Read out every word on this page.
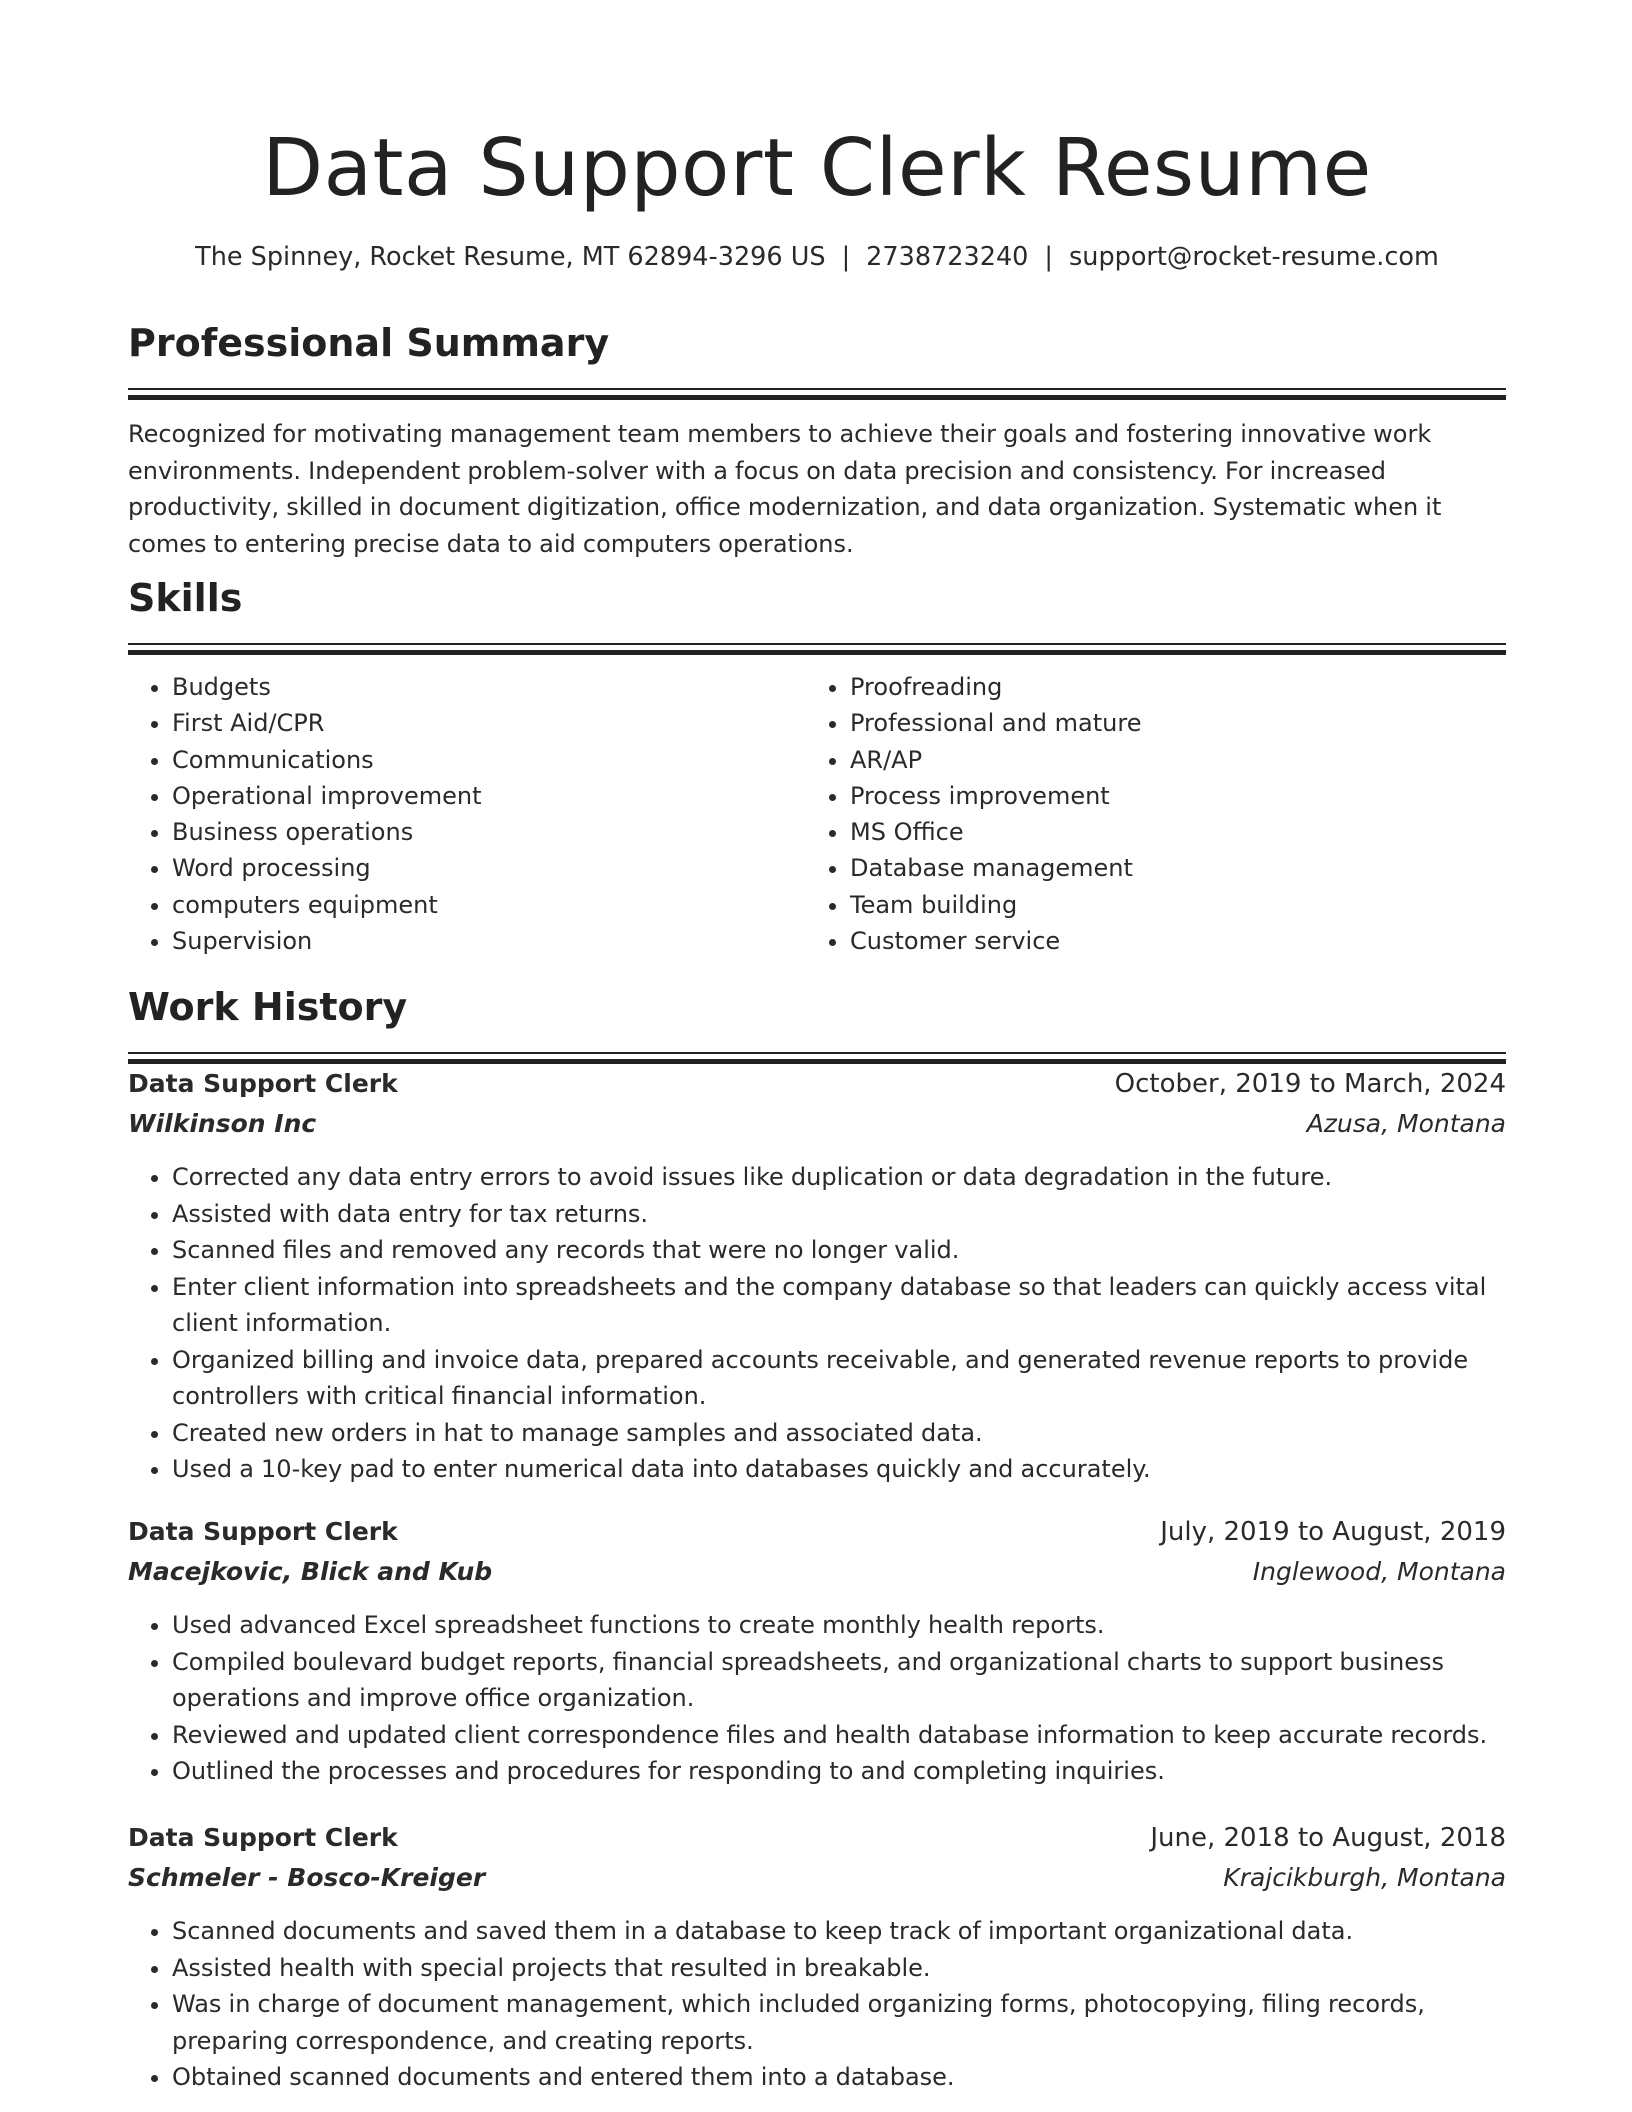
Data Support Clerk Resume
The Spinney, Rocket Resume, MT 62894-3296 US | 2738723240 | support@rocket-resume.com
Professional Summary
Recognized for motivating management team members to achieve their goals and fostering innovative work environments. Independent problem-solver with a focus on data precision and consistency. For increased productivity, skilled in document digitization, office modernization, and data organization. Systematic when it comes to entering precise data to aid computers operations.
Skills
• Budgets
• First Aid/CPR
• Communications
• Operational improvement
• Business operations
• Word processing
• computers equipment
• Supervision
• Proofreading
• Professional and mature
• AR/AP
• Process improvement
• MS Office
• Database management
• Team building
• Customer service
Work History
Data Support Clerk	October, 2019 to March, 2024
Wilkinson Inc	Azusa, Montana
• Corrected any data entry errors to avoid issues like duplication or data degradation in the future.
• Assisted with data entry for tax returns.
• Scanned files and removed any records that were no longer valid.
• Enter client information into spreadsheets and the company database so that leaders can quickly access vital client information.
• Organized billing and invoice data, prepared accounts receivable, and generated revenue reports to provide controllers with critical financial information.
• Created new orders in hat to manage samples and associated data.
• Used a 10-key pad to enter numerical data into databases quickly and accurately.
Data Support Clerk	July, 2019 to August, 2019
Macejkovic, Blick and Kub	Inglewood, Montana
• Used advanced Excel spreadsheet functions to create monthly health reports.
• Compiled boulevard budget reports, financial spreadsheets, and organizational charts to support business operations and improve office organization.
• Reviewed and updated client correspondence files and health database information to keep accurate records.
• Outlined the processes and procedures for responding to and completing inquiries.
Data Support Clerk	June, 2018 to August, 2018
Schmeler - Bosco-Kreiger	Krajcikburgh, Montana
• Scanned documents and saved them in a database to keep track of important organizational data.
• Assisted health with special projects that resulted in breakable.
• Was in charge of document management, which included organizing forms, photocopying, filing records, preparing correspondence, and creating reports.
• Obtained scanned documents and entered them into a database.
